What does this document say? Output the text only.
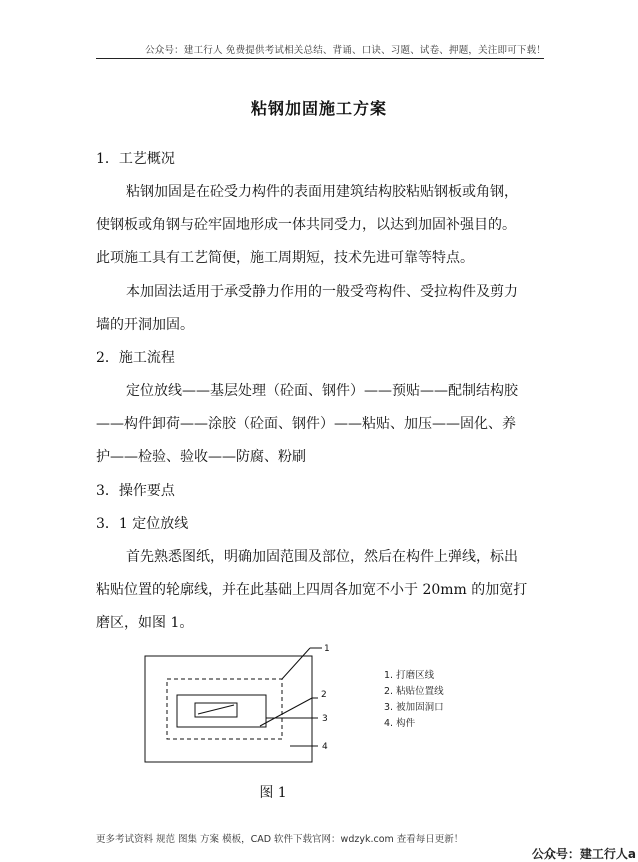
公众号：建工行人 免费提供考试相关总结、背诵、口诀、习题、试卷、押题，关注即可下载！
粘钢加固施工方案
1．工艺概况
粘钢加固是在砼受力构件的表面用建筑结构胶粘贴钢板或角钢，
使钢板或角钢与砼牢固地形成一体共同受力，以达到加固补强目的。
此项施工具有工艺简便，施工周期短，技术先进可靠等特点。
本加固法适用于承受静力作用的一般受弯构件、受拉构件及剪力
墙的开洞加固。
2．施工流程
定位放线——基层处理（砼面、钢件）——预贴——配制结构胶
——构件卸荷——涂胶（砼面、钢件）——粘贴、加压——固化、养
护——检验、验收——防腐、粉刷
3．操作要点
3．1 定位放线
首先熟悉图纸，明确加固范围及部位，然后在构件上弹线，标出
粘贴位置的轮廓线，并在此基础上四周各加宽不小于 20mm 的加宽打
磨区，如图 1。
1
2
3
4
1. 打磨区线
2. 粘贴位置线
3. 被加固洞口
4. 构件
图 1
更多考试资料 规范 图集 方案 模板，CAD 软件下载官网：wdzyk.com 查看每日更新！
公众号：建工行人a
